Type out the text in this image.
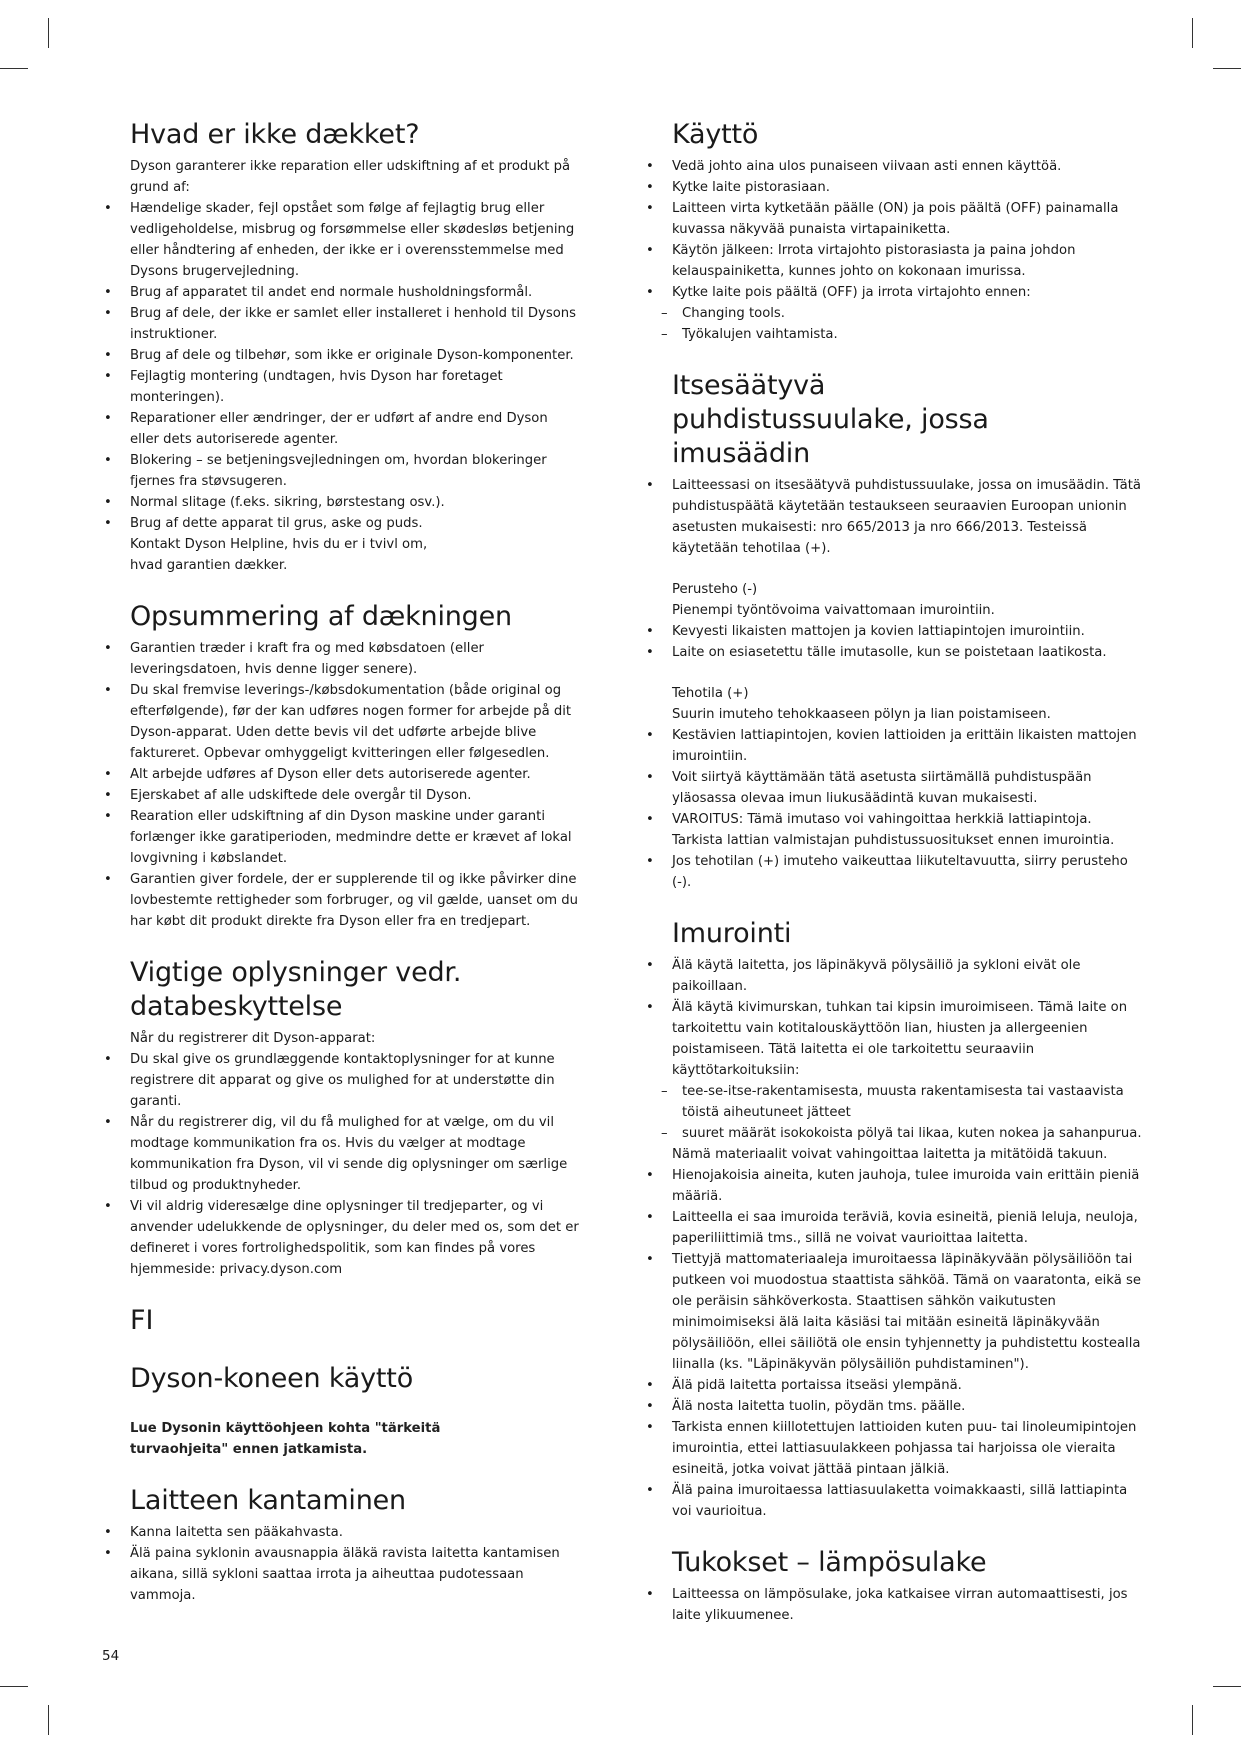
Hvad er ikke dækket?
Dyson garanterer ikke reparation eller udskiftning af et produkt på grund af:
• Hændelige skader, fejl opstået som følge af fejlagtig brug eller vedligeholdelse, misbrug og forsømmelse eller skødesløs betjening eller håndtering af enheden, der ikke er i overensstemmelse med Dysons brugervejledning.
• Brug af apparatet til andet end normale husholdningsformål.
• Brug af dele, der ikke er samlet eller installeret i henhold til Dysons instruktioner.
• Brug af dele og tilbehør, som ikke er originale Dyson-komponenter.
• Fejlagtig montering (undtagen, hvis Dyson har foretaget monteringen).
• Reparationer eller ændringer, der er udført af andre end Dyson eller dets autoriserede agenter.
• Blokering – se betjeningsvejledningen om, hvordan blokeringer fjernes fra støvsugeren.
• Normal slitage (f.eks. sikring, børstestang osv.).
• Brug af dette apparat til grus, aske og puds.
Kontakt Dyson Helpline, hvis du er i tvivl om, hvad garantien dækker.
Opsummering af dækningen
• Garantien træder i kraft fra og med købsdatoen (eller leveringsdatoen, hvis denne ligger senere).
• Du skal fremvise leverings-/købsdokumentation (både original og efterfølgende), før der kan udføres nogen former for arbejde på dit Dyson-apparat. Uden dette bevis vil det udførte arbejde blive faktureret. Opbevar omhyggeligt kvitteringen eller følgesedlen.
• Alt arbejde udføres af Dyson eller dets autoriserede agenter.
• Ejerskabet af alle udskiftede dele overgår til Dyson.
• Rearation eller udskiftning af din Dyson maskine under garanti forlænger ikke garatiperioden, medmindre dette er krævet af lokal lovgivning i købslandet.
• Garantien giver fordele, der er supplerende til og ikke påvirker dine lovbestemte rettigheder som forbruger, og vil gælde, uanset om du har købt dit produkt direkte fra Dyson eller fra en tredjepart.
Vigtige oplysninger vedr. databeskyttelse
Når du registrerer dit Dyson-apparat:
• Du skal give os grundlæggende kontaktoplysninger for at kunne registrere dit apparat og give os mulighed for at understøtte din garanti.
• Når du registrerer dig, vil du få mulighed for at vælge, om du vil modtage kommunikation fra os. Hvis du vælger at modtage kommunikation fra Dyson, vil vi sende dig oplysninger om særlige tilbud og produktnyheder.
• Vi vil aldrig videresælge dine oplysninger til tredjeparter, og vi anvender udelukkende de oplysninger, du deler med os, som det er defineret i vores fortrolighedspolitik, som kan findes på vores hjemmeside: privacy.dyson.com
FI
Dyson-koneen käyttö
Lue Dysonin käyttöohjeen kohta "tärkeitä turvaohjeita" ennen jatkamista.
Laitteen kantaminen
• Kanna laitetta sen pääkahvasta.
• Älä paina syklonin avausnappia äläkä ravista laitetta kantamisen aikana, sillä sykloni saattaa irrota ja aiheuttaa pudotessaan vammoja.
54
Käyttö
• Vedä johto aina ulos punaiseen viivaan asti ennen käyttöä.
• Kytke laite pistorasiaan.
• Laitteen virta kytketään päälle (ON) ja pois päältä (OFF) painamalla kuvassa näkyvää punaista virtapainiketta.
• Käytön jälkeen: Irrota virtajohto pistorasiasta ja paina johdon kelauspainiketta, kunnes johto on kokonaan imurissa.
• Kytke laite pois päältä (OFF) ja irrota virtajohto ennen:
– Changing tools.
– Työkalujen vaihtamista.
Itsesäätyvä puhdistussuulake, jossa imusäädin
• Laitteessasi on itsesäätyvä puhdistussuulake, jossa on imusäädin. Tätä puhdistuspäätä käytetään testaukseen seuraavien Euroopan unionin asetusten mukaisesti: nro 665/2013 ja nro 666/2013. Testeissä käytetään tehotilaa (+).
Perusteho (-)
Pienempi työntövoima vaivattomaan imurointiin.
• Kevyesti likaisten mattojen ja kovien lattiapintojen imurointiin.
• Laite on esiasetettu tälle imutasolle, kun se poistetaan laatikosta.
Tehotila (+)
Suurin imuteho tehokkaaseen pölyn ja lian poistamiseen.
• Kestävien lattiapintojen, kovien lattioiden ja erittäin likaisten mattojen imurointiin.
• Voit siirtyä käyttämään tätä asetusta siirtämällä puhdistuspään yläosassa olevaa imun liukusäädintä kuvan mukaisesti.
• VAROITUS: Tämä imutaso voi vahingoittaa herkkiä lattiapintoja. Tarkista lattian valmistajan puhdistussuositukset ennen imurointia.
• Jos tehotilan (+) imuteho vaikeuttaa liikuteltavuutta, siirry perusteho (-).
Imurointi
• Älä käytä laitetta, jos läpinäkyvä pölysäiliö ja sykloni eivät ole paikoillaan.
• Älä käytä kivimurskan, tuhkan tai kipsin imuroimiseen. Tämä laite on tarkoitettu vain kotitalouskäyttöön lian, hiusten ja allergeenien poistamiseen. Tätä laitetta ei ole tarkoitettu seuraaviin käyttötarkoituksiin:
– tee-se-itse-rakentamisesta, muusta rakentamisesta tai vastaavista töistä aiheutuneet jätteet
– suuret määrät isokokoista pölyä tai likaa, kuten nokea ja sahanpurua.
Nämä materiaalit voivat vahingoittaa laitetta ja mitätöidä takuun.
• Hienojakoisia aineita, kuten jauhoja, tulee imuroida vain erittäin pieniä määriä.
• Laitteella ei saa imuroida teräviä, kovia esineitä, pieniä leluja, neuloja, paperiliittimiä tms., sillä ne voivat vaurioittaa laitetta.
• Tiettyjä mattomateriaaleja imuroitaessa läpinäkyvään pölysäiliöön tai putkeen voi muodostua staattista sähköä. Tämä on vaaratonta, eikä se ole peräisin sähköverkosta. Staattisen sähkön vaikutusten minimoimiseksi älä laita käsiäsi tai mitään esineitä läpinäkyvään pölysäiliöön, ellei säiliötä ole ensin tyhjennetty ja puhdistettu kostealla liinalla (ks. "Läpinäkyvän pölysäiliön puhdistaminen").
• Älä pidä laitetta portaissa itseäsi ylempänä.
• Älä nosta laitetta tuolin, pöydän tms. päälle.
• Tarkista ennen kiillotettujen lattioiden kuten puu- tai linoleumipintojen imurointia, ettei lattiasuulakkeen pohjassa tai harjoissa ole vieraita esineitä, jotka voivat jättää pintaan jälkiä.
• Älä paina imuroitaessa lattiasuulaketta voimakkaasti, sillä lattiapinta voi vaurioitua.
Tukokset – lämpösulake
• Laitteessa on lämpösulake, joka katkaisee virran automaattisesti, jos laite ylikuumenee.
